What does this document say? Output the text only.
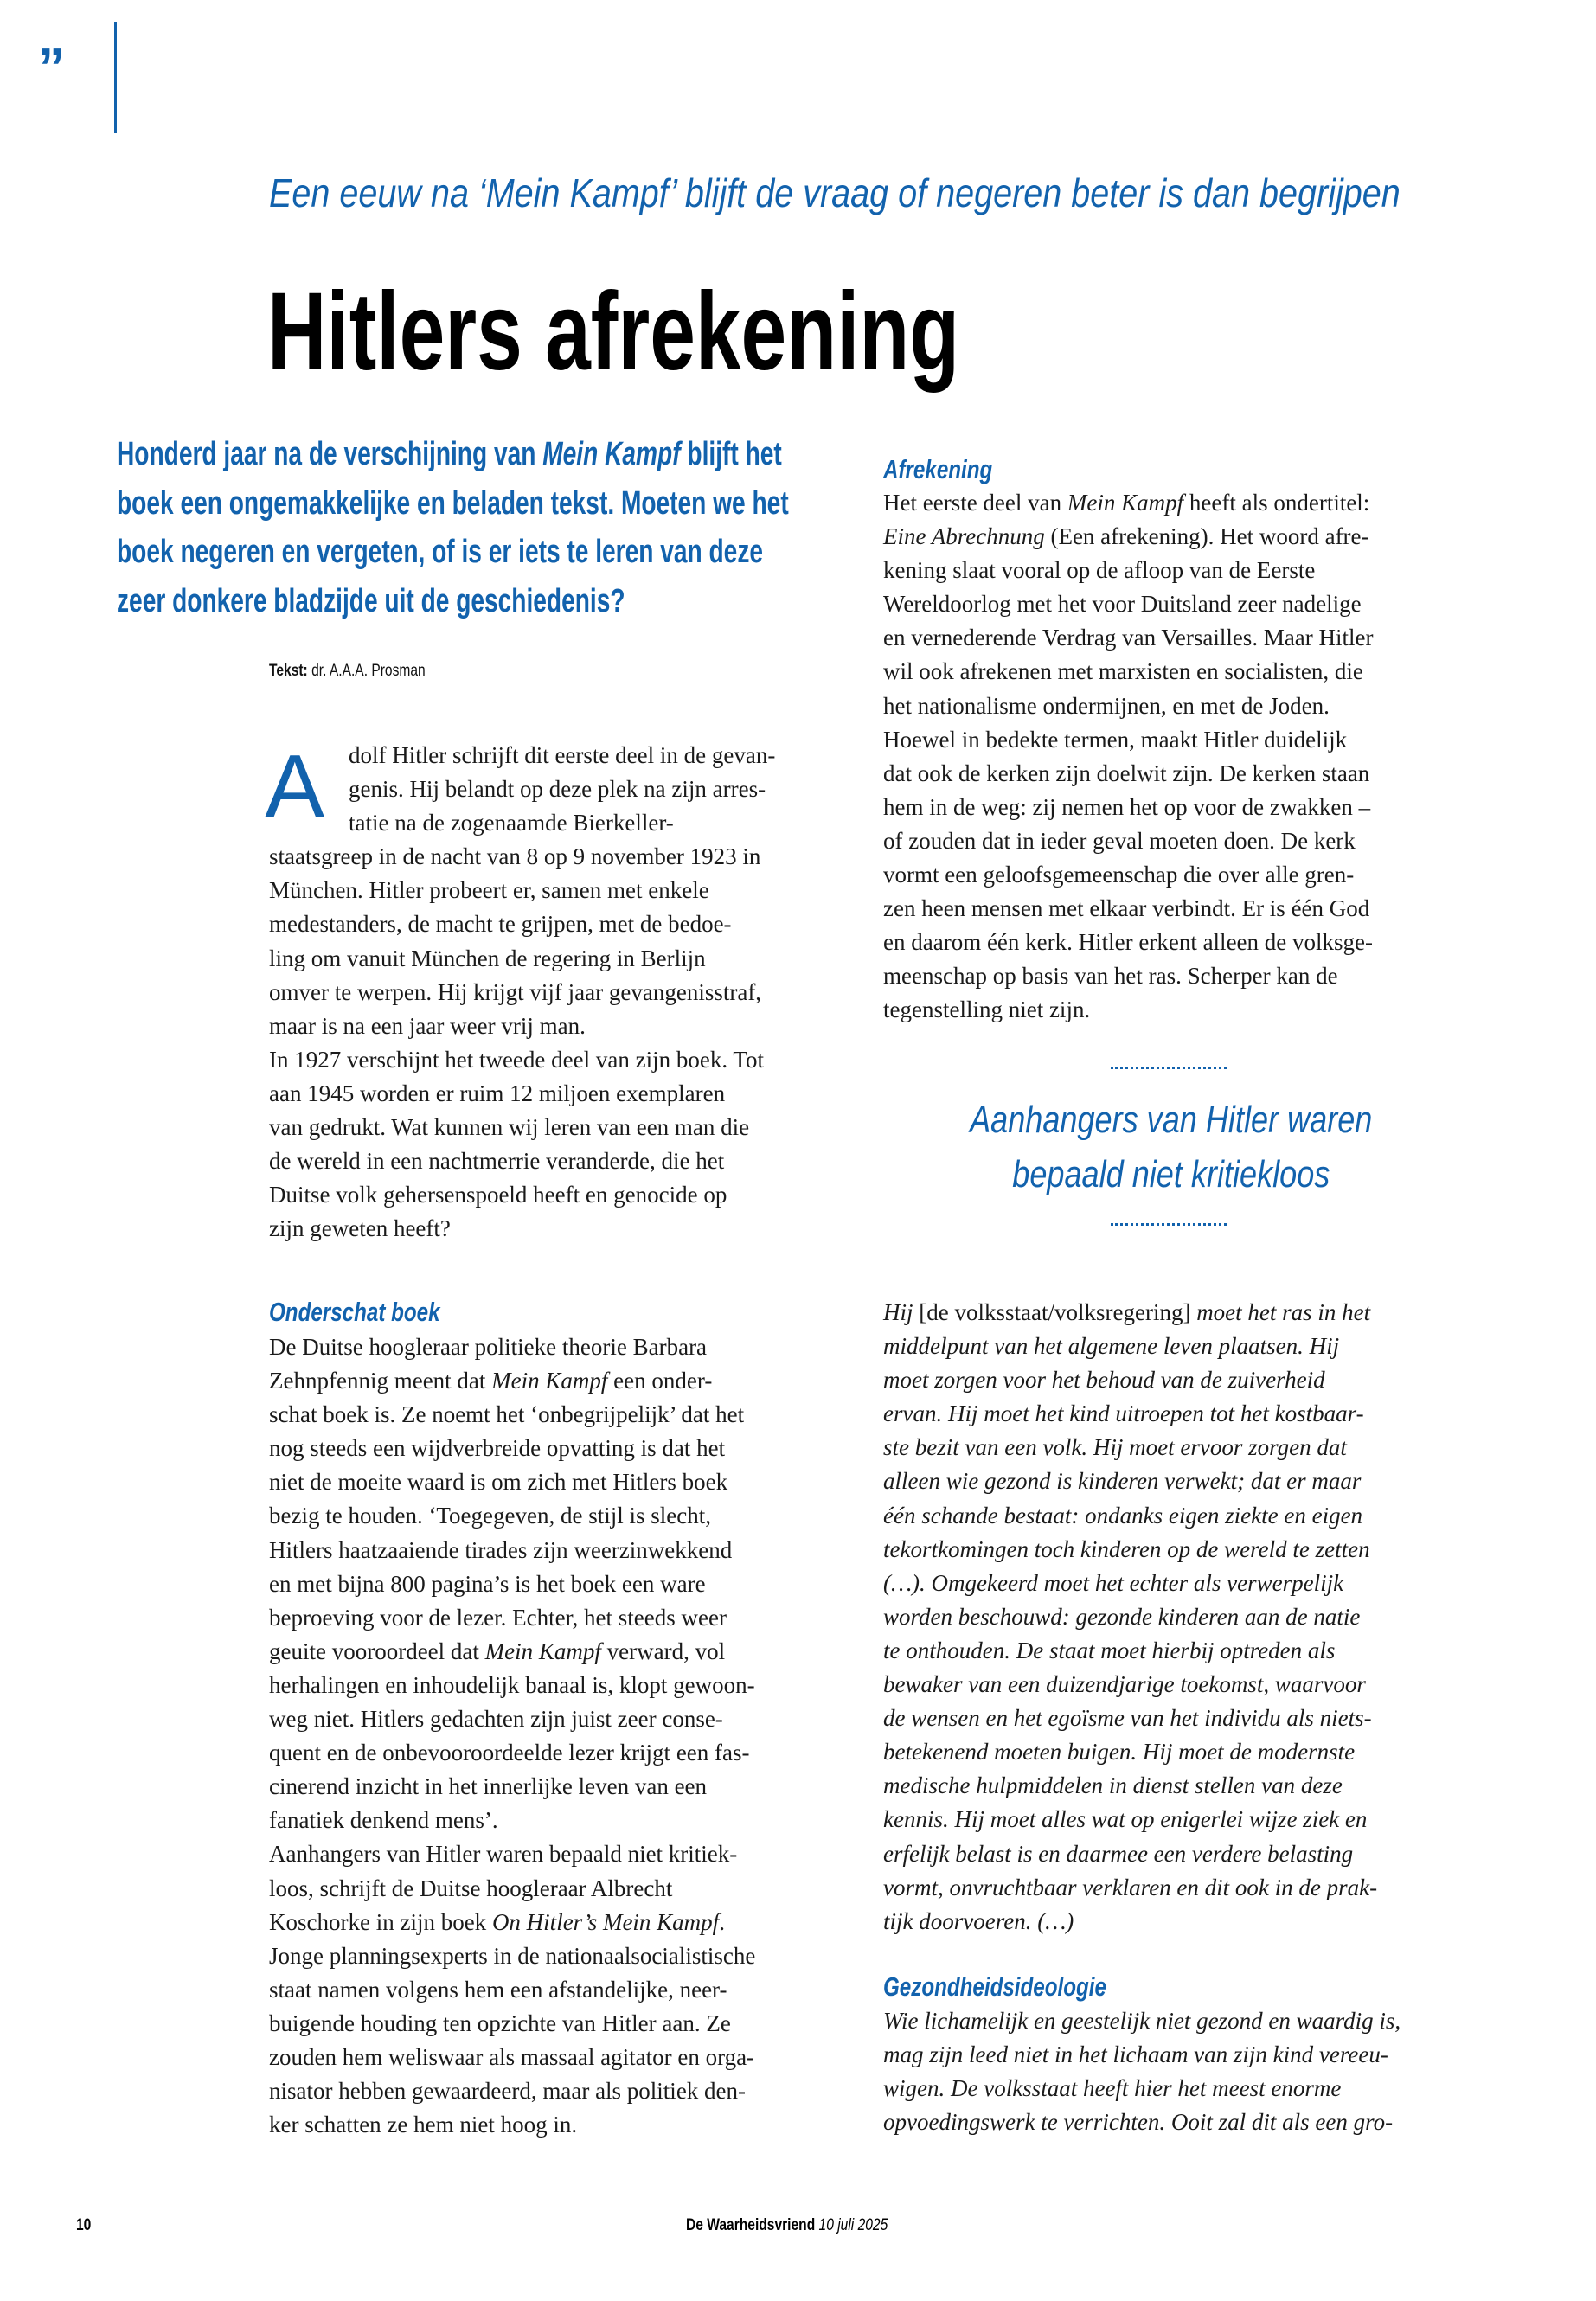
”
Een eeuw na ‘Mein Kampf’ blijft de vraag of negeren beter is dan begrijpen
Hitlers afrekening
Honderd jaar na de verschijning van Mein Kampf blijft het
boek een ongemakkelijke en beladen tekst. Moeten we het
boek negeren en vergeten, of is er iets te leren van deze
zeer donkere bladzijde uit de geschiedenis?
Tekst: dr. A.A.A. Prosman
A	dolf Hitler schrijft dit eerste deel in de gevan-
genis. Hij belandt op deze plek na zijn arres-
tatie na de zogenaamde Bierkeller-
staatsgreep in de nacht van 8 op 9 november 1923 in
München. Hitler probeert er, samen met enkele
medestanders, de macht te grijpen, met de bedoe-
ling om vanuit München de regering in Berlijn
omver te werpen. Hij krijgt vijf jaar gevangenisstraf,
maar is na een jaar weer vrij man.
In 1927 verschijnt het tweede deel van zijn boek. Tot
aan 1945 worden er ruim 12 miljoen exemplaren
van gedrukt. Wat kunnen wij leren van een man die
de wereld in een nachtmerrie veranderde, die het
Duitse volk gehersenspoeld heeft en genocide op
zijn geweten heeft?
Onderschat boek
De Duitse hoogleraar politieke theorie Barbara
Zehnpfennig meent dat Mein Kampf een onder-
schat boek is. Ze noemt het ‘onbegrijpelijk’ dat het
nog steeds een wijdverbreide opvatting is dat het
niet de moeite waard is om zich met Hitlers boek
bezig te houden. ‘Toegegeven, de stijl is slecht,
Hitlers haatzaaiende tirades zijn weerzinwekkend
en met bijna 800 pagina’s is het boek een ware
beproeving voor de lezer. Echter, het steeds weer
geuite vooroordeel dat Mein Kampf verward, vol
herhalingen en inhoudelijk banaal is, klopt gewoon-
weg niet. Hitlers gedachten zijn juist zeer conse-
quent en de onbevooroordeelde lezer krijgt een fas-
cinerend inzicht in het innerlijke leven van een
fanatiek denkend mens’.
Aanhangers van Hitler waren bepaald niet kritiek-
loos, schrijft de Duitse hoogleraar Albrecht
Koschorke in zijn boek On Hitler’s Mein Kampf.
Jonge planningsexperts in de nationaalsocialistische
staat namen volgens hem een afstandelijke, neer-
buigende houding ten opzichte van Hitler aan. Ze
zouden hem weliswaar als massaal agitator en orga-
nisator hebben gewaardeerd, maar als politiek den-
ker schatten ze hem niet hoog in.
Afrekening
Het eerste deel van Mein Kampf heeft als ondertitel:
Eine Abrechnung (Een afrekening). Het woord afre-
kening slaat vooral op de afloop van de Eerste
Wereldoorlog met het voor Duitsland zeer nadelige
en vernederende Verdrag van Versailles. Maar Hitler
wil ook afrekenen met marxisten en socialisten, die
het nationalisme ondermijnen, en met de Joden.
Hoewel in bedekte termen, maakt Hitler duidelijk
dat ook de kerken zijn doelwit zijn. De kerken staan
hem in de weg: zij nemen het op voor de zwakken –
of zouden dat in ieder geval moeten doen. De kerk
vormt een geloofsgemeenschap die over alle gren-
zen heen mensen met elkaar verbindt. Er is één God
en daarom één kerk. Hitler erkent alleen de volksge-
meenschap op basis van het ras. Scherper kan de
tegenstelling niet zijn.
Aanhangers van Hitler waren
bepaald niet kritiekloos
Hij [de volksstaat/volksregering] moet het ras in het
middelpunt van het algemene leven plaatsen. Hij
moet zorgen voor het behoud van de zuiverheid
ervan. Hij moet het kind uitroepen tot het kostbaar-
ste bezit van een volk. Hij moet ervoor zorgen dat
alleen wie gezond is kinderen verwekt; dat er maar
één schande bestaat: ondanks eigen ziekte en eigen
tekortkomingen toch kinderen op de wereld te zetten
(…). Omgekeerd moet het echter als verwerpelijk
worden beschouwd: gezonde kinderen aan de natie
te onthouden. De staat moet hierbij optreden als
bewaker van een duizendjarige toekomst, waarvoor
de wensen en het egoïsme van het individu als niets-
betekenend moeten buigen. Hij moet de modernste
medische hulpmiddelen in dienst stellen van deze
kennis. Hij moet alles wat op enigerlei wijze ziek en
erfelijk belast is en daarmee een verdere belasting
vormt, onvruchtbaar verklaren en dit ook in de prak-
tijk doorvoeren. (…)
Gezondheidsideologie
Wie lichamelijk en geestelijk niet gezond en waardig is,
mag zijn leed niet in het lichaam van zijn kind vereeu-
wigen. De volksstaat heeft hier het meest enorme
opvoedingswerk te verrichten. Ooit zal dit als een gro-
10	De Waarheidsvriend 10 juli 2025
